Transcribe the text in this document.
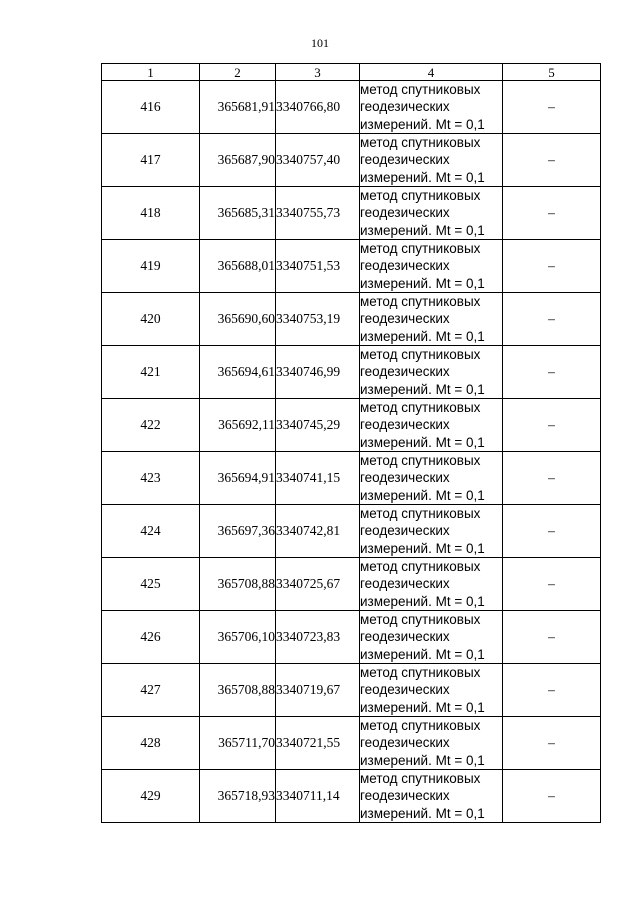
101
1	2	3	4	5
416	365681,91	3340766,80	метод спутниковых
геодезических
измерений. Mt = 0,1	–
417	365687,90	3340757,40	метод спутниковых
геодезических
измерений. Mt = 0,1	–
418	365685,31	3340755,73	метод спутниковых
геодезических
измерений. Mt = 0,1	–
419	365688,01	3340751,53	метод спутниковых
геодезических
измерений. Mt = 0,1	–
420	365690,60	3340753,19	метод спутниковых
геодезических
измерений. Mt = 0,1	–
421	365694,61	3340746,99	метод спутниковых
геодезических
измерений. Mt = 0,1	–
422	365692,11	3340745,29	метод спутниковых
геодезических
измерений. Mt = 0,1	–
423	365694,91	3340741,15	метод спутниковых
геодезических
измерений. Mt = 0,1	–
424	365697,36	3340742,81	метод спутниковых
геодезических
измерений. Mt = 0,1	–
425	365708,88	3340725,67	метод спутниковых
геодезических
измерений. Mt = 0,1	–
426	365706,10	3340723,83	метод спутниковых
геодезических
измерений. Mt = 0,1	–
427	365708,88	3340719,67	метод спутниковых
геодезических
измерений. Mt = 0,1	–
428	365711,70	3340721,55	метод спутниковых
геодезических
измерений. Mt = 0,1	–
429	365718,93	3340711,14	метод спутниковых
геодезических
измерений. Mt = 0,1	–
